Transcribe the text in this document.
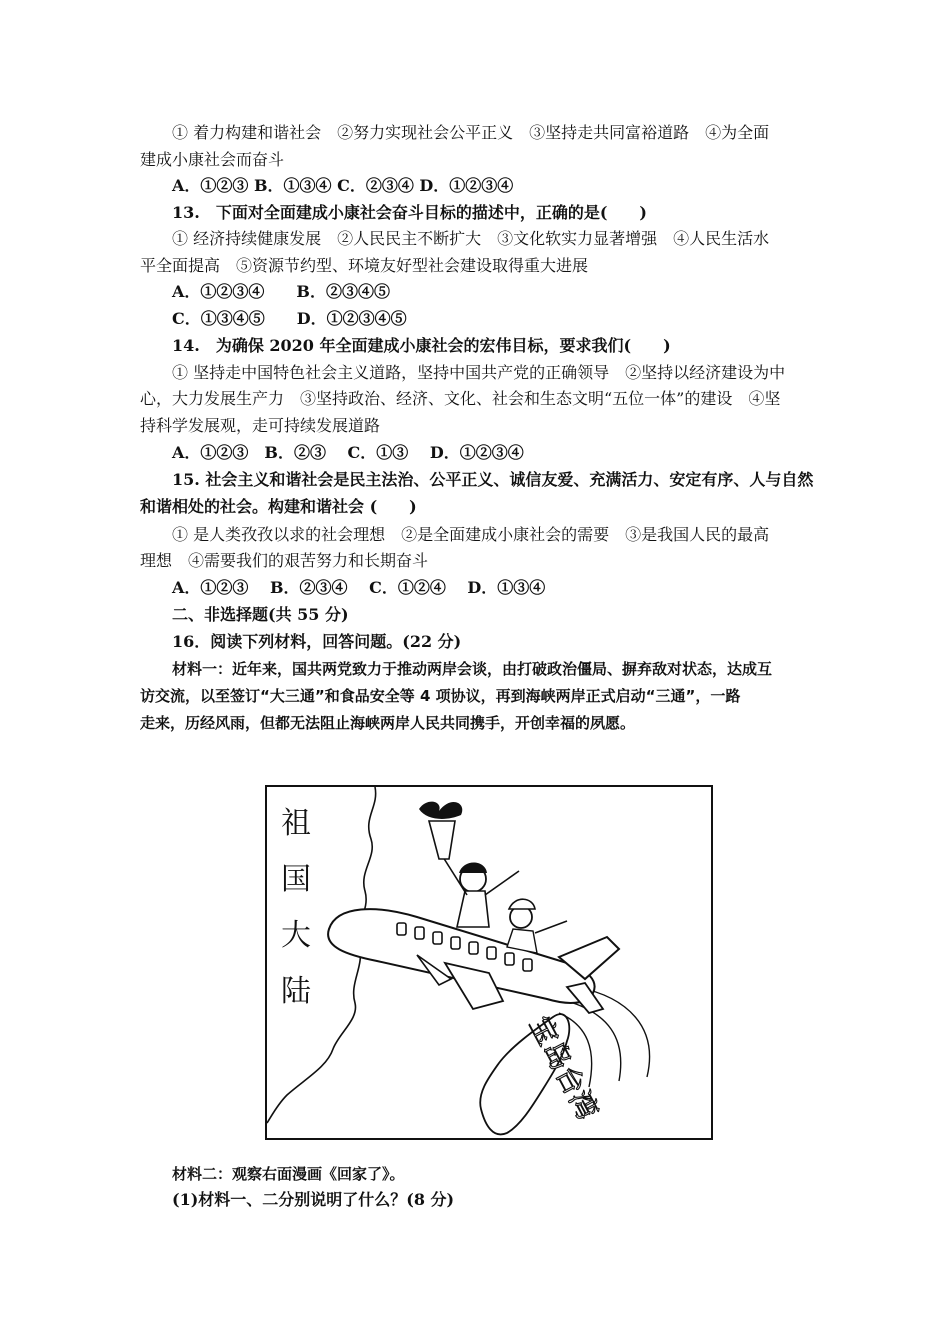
① 着力构建和谐社会　②努力实现社会公平正义　③坚持走共同富裕道路　④为全面
建成小康社会而奋斗
A．①②③ B．①③④ C．②③④ D．①②③④
13.　下面对全面建成小康社会奋斗目标的描述中，正确的是(　　)
① 经济持续健康发展　②人民民主不断扩大　③文化软实力显著增强　④人民生活水
平全面提高　⑤资源节约型、环境友好型社会建设取得重大进展
A．①②③④　　B．②③④⑤
C．①③④⑤　　D．①②③④⑤
14.　为确保 2020 年全面建成小康社会的宏伟目标，要求我们(　　)
① 坚持走中国特色社会主义道路，坚持中国共产党的正确领导　②坚持以经济建设为中
心，大力发展生产力　③坚持政治、经济、文化、社会和生态文明“五位一体”的建设　④坚
持科学发展观，走可持续发展道路
A．①②③　B．②③　 C．①③　 D．①②③④
15. 社会主义和谐社会是民主法治、公平正义、诚信友爱、充满活力、安定有序、人与自然
和谐相处的社会。构建和谐社会 (　　)
① 是人类孜孜以求的社会理想　②是全面建成小康社会的需要　③是我国人民的最高
理想　④需要我们的艰苦努力和长期奋斗
A．①②③　 B．②③④　 C．①②④　 D．①③④
二、非选择题(共 55 分)
16．阅读下列材料，回答问题。(22 分)
材料一：近年来，国共两党致力于推动两岸会谈，由打破政治僵局、摒弃敌对状态，达成互
访交流，以至签订“大三通”和食品安全等 4 项协议，再到海峡两岸正式启动“三通”，一路
走来，历经风雨，但都无法阻止海峡两岸人民共同携手，开创幸福的夙愿。
宝岛台湾
祖
国
大
陆
材料二：观察右面漫画《回家了》。
(1)材料一、二分别说明了什么？(8 分)
